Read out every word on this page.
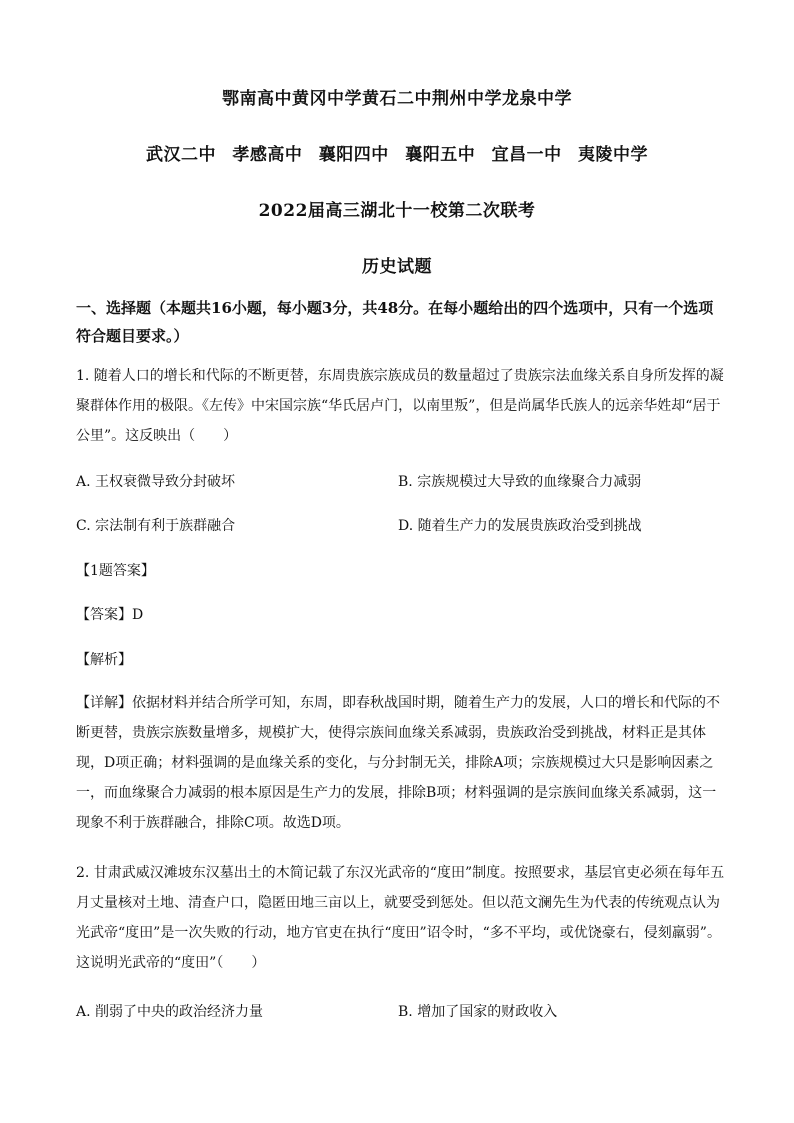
鄂南高中黄冈中学黄石二中荆州中学龙泉中学
武汉二中 孝感高中 襄阳四中 襄阳五中 宜昌一中 夷陵中学
2022届高三湖北十一校第二次联考
历史试题
一、选择题（本题共16小题，每小题3分，共48分。在每小题给出的四个选项中，只有一个选项符合题目要求。）
1. 随着人口的增长和代际的不断更替，东周贵族宗族成员的数量超过了贵族宗法血缘关系自身所发挥的凝聚群体作用的极限。《左传》中宋国宗族“华氏居卢门，以南里叛”，但是尚属华氏族人的远亲华姓却“居于公里”。这反映出（　　）
A. 王权衰微导致分封破坏	B. 宗族规模过大导致的血缘聚合力减弱
C. 宗法制有利于族群融合	D. 随着生产力的发展贵族政治受到挑战
【1题答案】
【答案】D
【解析】
【详解】依据材料并结合所学可知，东周，即春秋战国时期，随着生产力的发展，人口的增长和代际的不断更替，贵族宗族数量增多，规模扩大，使得宗族间血缘关系减弱，贵族政治受到挑战，材料正是其体现，D项正确；材料强调的是血缘关系的变化，与分封制无关，排除A项；宗族规模过大只是影响因素之一，而血缘聚合力减弱的根本原因是生产力的发展，排除B项；材料强调的是宗族间血缘关系减弱，这一现象不利于族群融合，排除C项。故选D项。
2. 甘肃武威汉滩坡东汉墓出土的木简记载了东汉光武帝的“度田”制度。按照要求，基层官吏必须在每年五月丈量核对土地、清查户口，隐匿田地三亩以上，就要受到惩处。但以范文澜先生为代表的传统观点认为光武帝“度田”是一次失败的行动，地方官吏在执行“度田”诏令时，“多不平均，或优饶豪右，侵刻羸弱”。这说明光武帝的“度田”（　　）
A. 削弱了中央的政治经济力量	B. 增加了国家的财政收入
